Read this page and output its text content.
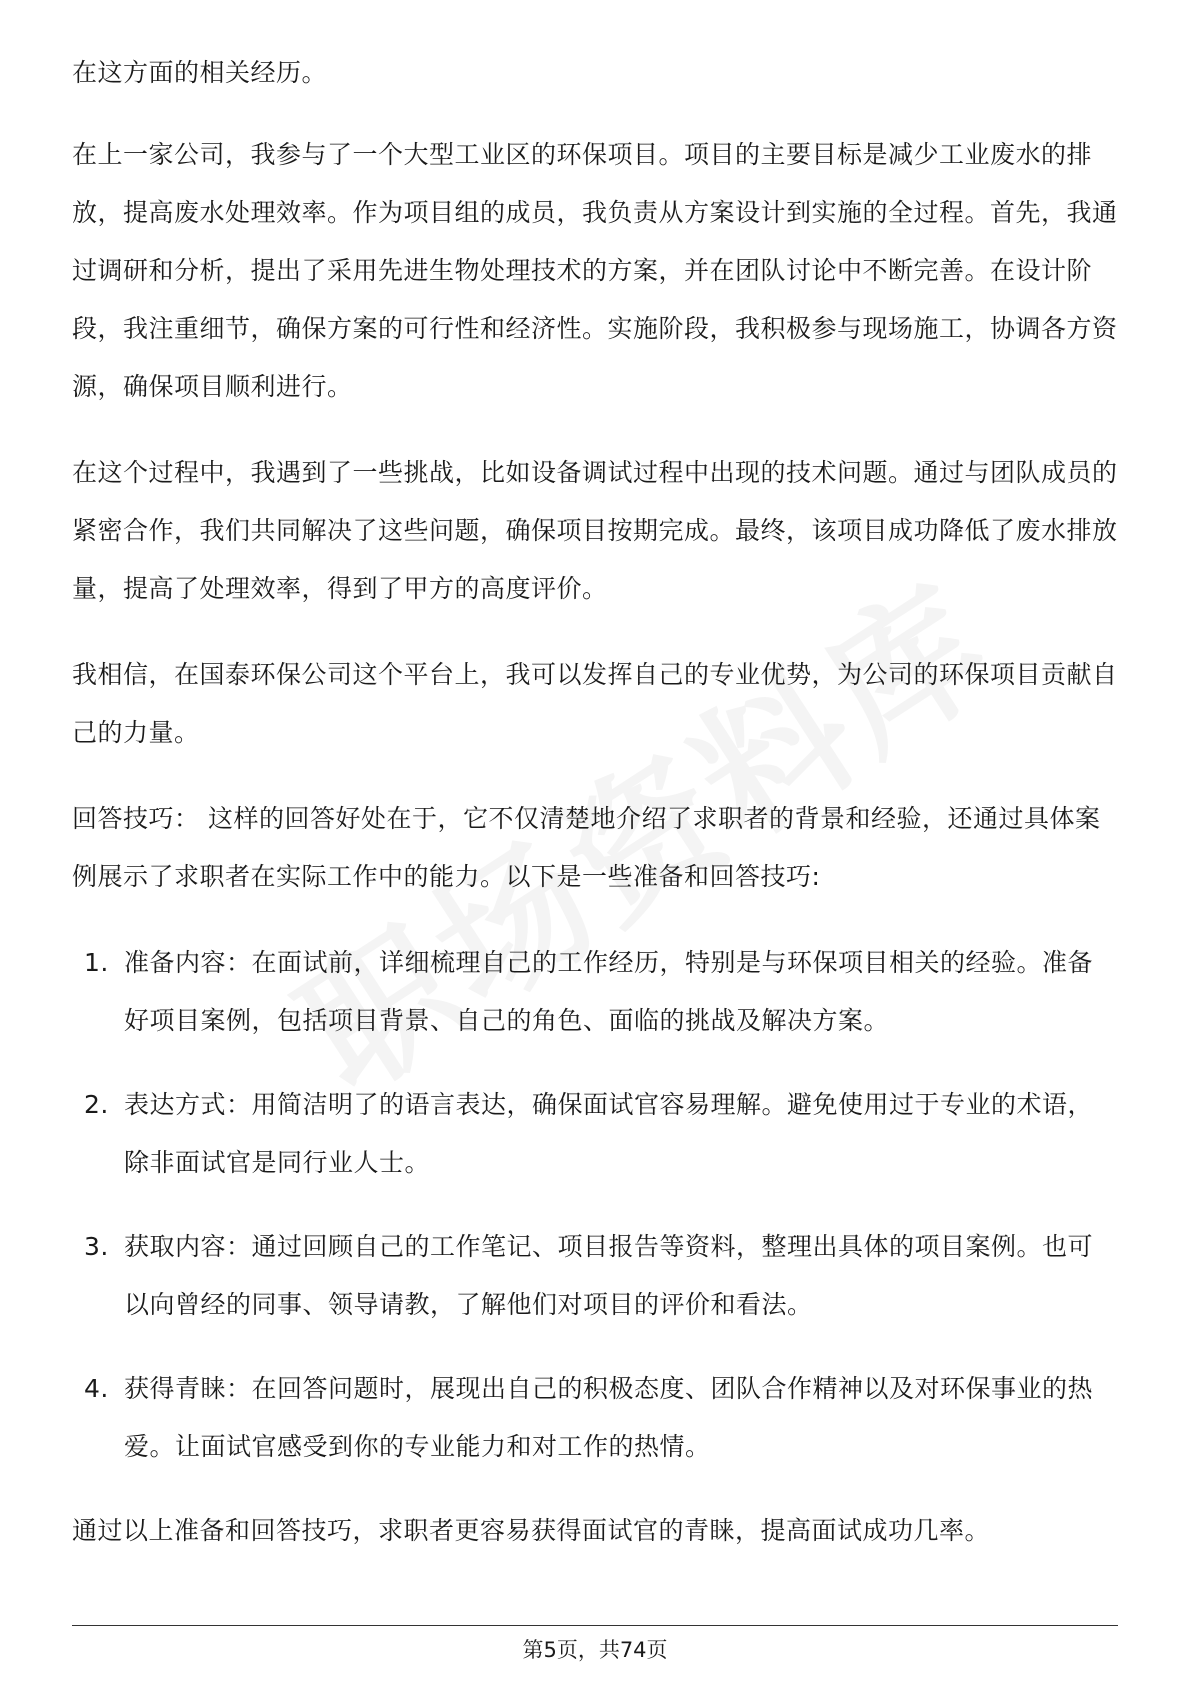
在这方面的相关经历。

在上一家公司，我参与了一个大型工业区的环保项目。项目的主要目标是减少工业废水的排放，提高废水处理效率。作为项目组的成员，我负责从方案设计到实施的全过程。首先，我通过调研和分析，提出了采用先进生物处理技术的方案，并在团队讨论中不断完善。在设计阶段，我注重细节，确保方案的可行性和经济性。实施阶段，我积极参与现场施工，协调各方资源，确保项目顺利进行。

在这个过程中，我遇到了一些挑战，比如设备调试过程中出现的技术问题。通过与团队成员的紧密合作，我们共同解决了这些问题，确保项目按期完成。最终，该项目成功降低了废水排放量，提高了处理效率，得到了甲方的高度评价。

我相信，在国泰环保公司这个平台上，我可以发挥自己的专业优势，为公司的环保项目贡献自己的力量。

回答技巧： 这样的回答好处在于，它不仅清楚地介绍了求职者的背景和经验，还通过具体案例展示了求职者在实际工作中的能力。以下是一些准备和回答技巧:

1. 准备内容：在面试前，详细梳理自己的工作经历，特别是与环保项目相关的经验。准备好项目案例，包括项目背景、自己的角色、面临的挑战及解决方案。
2. 表达方式：用简洁明了的语言表达，确保面试官容易理解。避免使用过于专业的术语，除非面试官是同行业人士。
3. 获取内容：通过回顾自己的工作笔记、项目报告等资料，整理出具体的项目案例。也可以向曾经的同事、领导请教，了解他们对项目的评价和看法。
4. 获得青睐：在回答问题时，展现出自己的积极态度、团队合作精神以及对环保事业的热爱。让面试官感受到你的专业能力和对工作的热情。

通过以上准备和回答技巧，求职者更容易获得面试官的青睐，提高面试成功几率。

第5页，共74页
